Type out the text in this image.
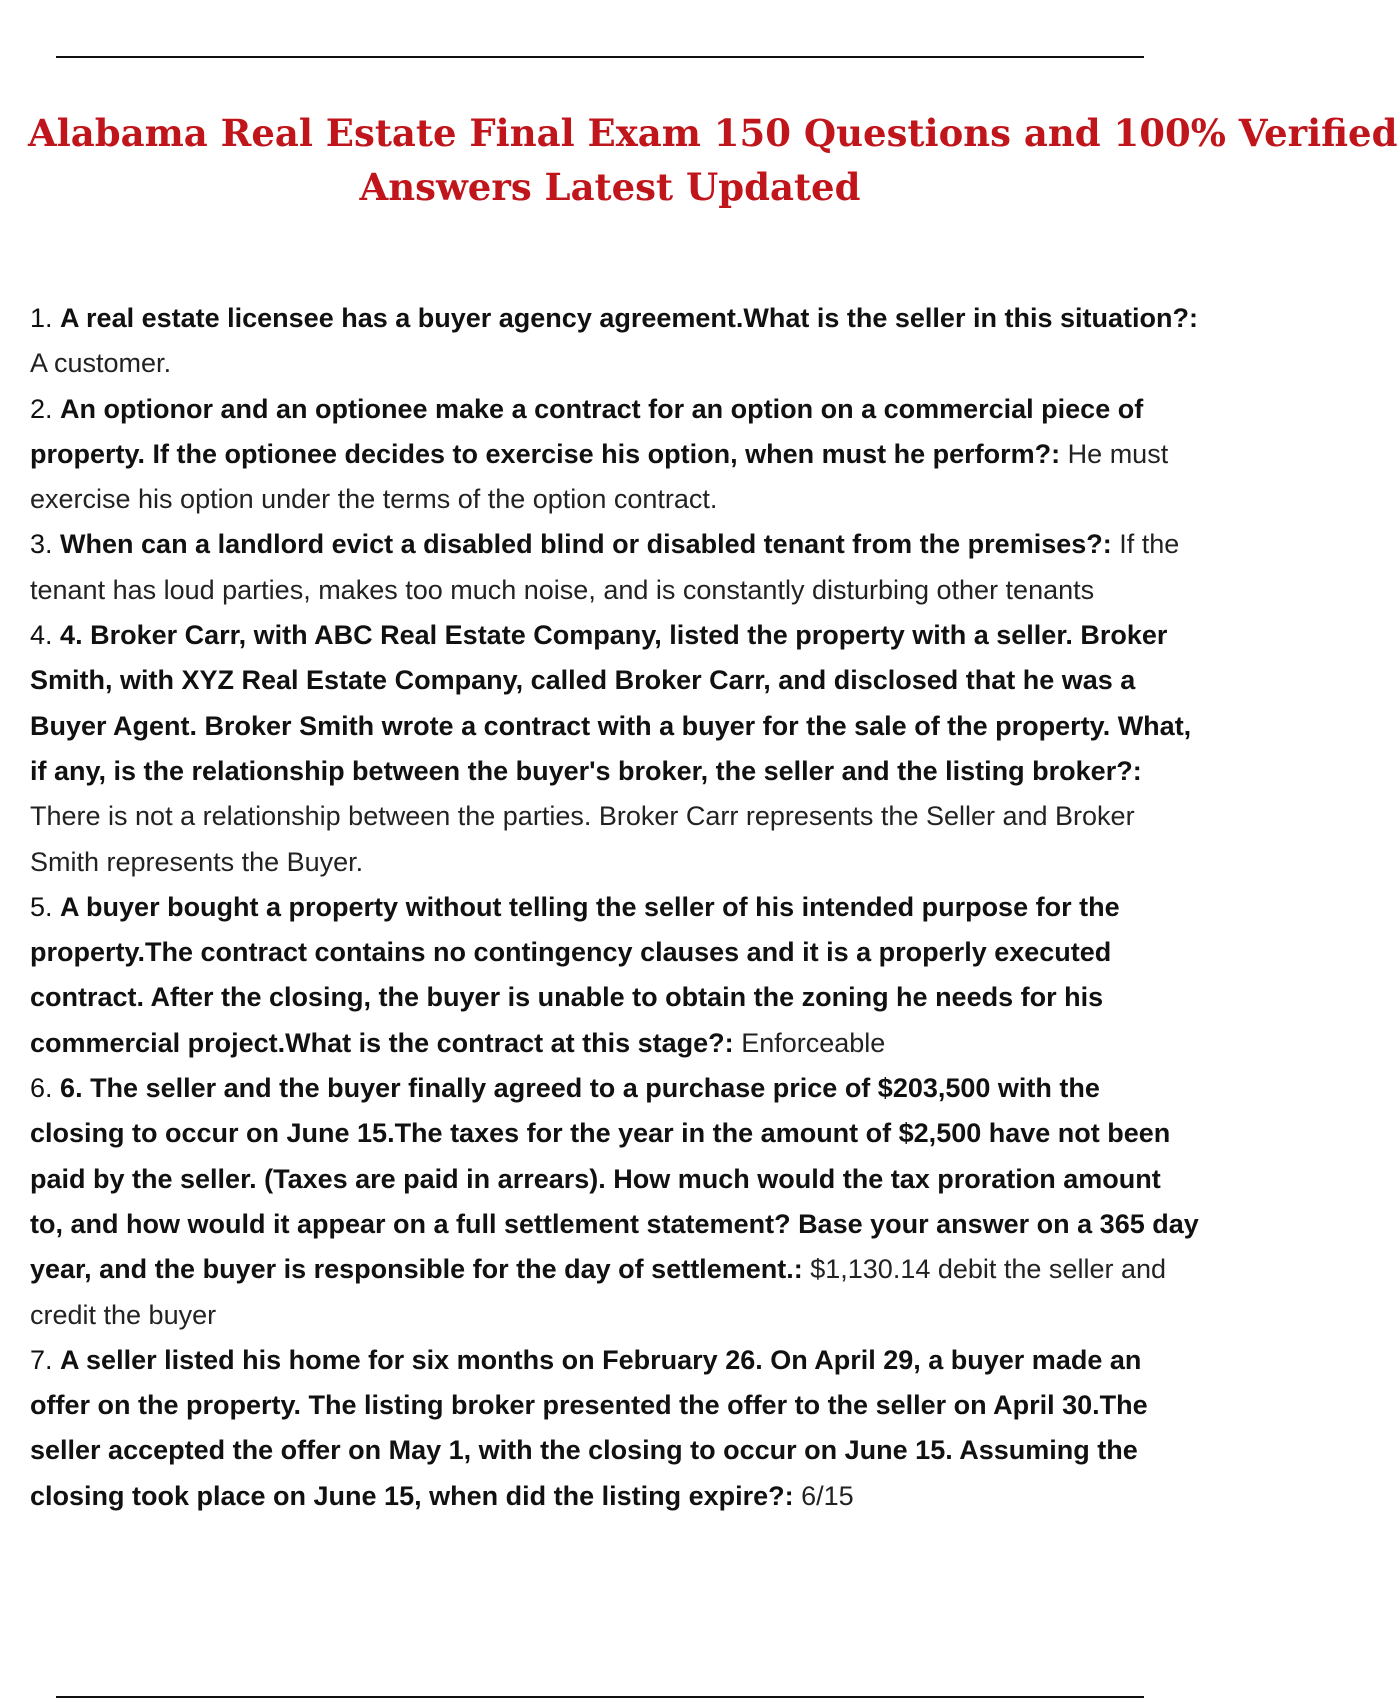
Alabama Real Estate Final Exam 150 Questions and 100% Verified
Answers Latest Updated
1. A real estate licensee has a buyer agency agreement.What is the seller in this situation?: A customer.
2. An optionor and an optionee make a contract for an option on a commercial piece of property. If the optionee decides to exercise his option, when must he perform?: He must exercise his option under the terms of the option contract.
3. When can a landlord evict a disabled blind or disabled tenant from the premises?: If the tenant has loud parties, makes too much noise, and is constantly disturbing other tenants
4. 4. Broker Carr, with ABC Real Estate Company, listed the property with a seller. Broker Smith, with XYZ Real Estate Company, called Broker Carr, and disclosed that he was a Buyer Agent. Broker Smith wrote a contract with a buyer for the sale of the property. What, if any, is the relationship between the buyer's broker, the seller and the listing broker?: There is not a relationship between the parties. Broker Carr represents the Seller and Broker Smith represents the Buyer.
5. A buyer bought a property without telling the seller of his intended purpose for the property.The contract contains no contingency clauses and it is a properly executed contract. After the closing, the buyer is unable to obtain the zoning he needs for his commercial project.What is the contract at this stage?: Enforceable
6. 6. The seller and the buyer finally agreed to a purchase price of $203,500 with the closing to occur on June 15.The taxes for the year in the amount of $2,500 have not been paid by the seller. (Taxes are paid in arrears). How much would the tax proration amount to, and how would it appear on a full settlement statement? Base your answer on a 365 day year, and the buyer is responsible for the day of settlement.: $1,130.14 debit the seller and credit the buyer
7. A seller listed his home for six months on February 26. On April 29, a buyer made an offer on the property. The listing broker presented the offer to the seller on April 30.The seller accepted the offer on May 1, with the closing to occur on June 15. Assuming the closing took place on June 15, when did the listing expire?: 6/15
